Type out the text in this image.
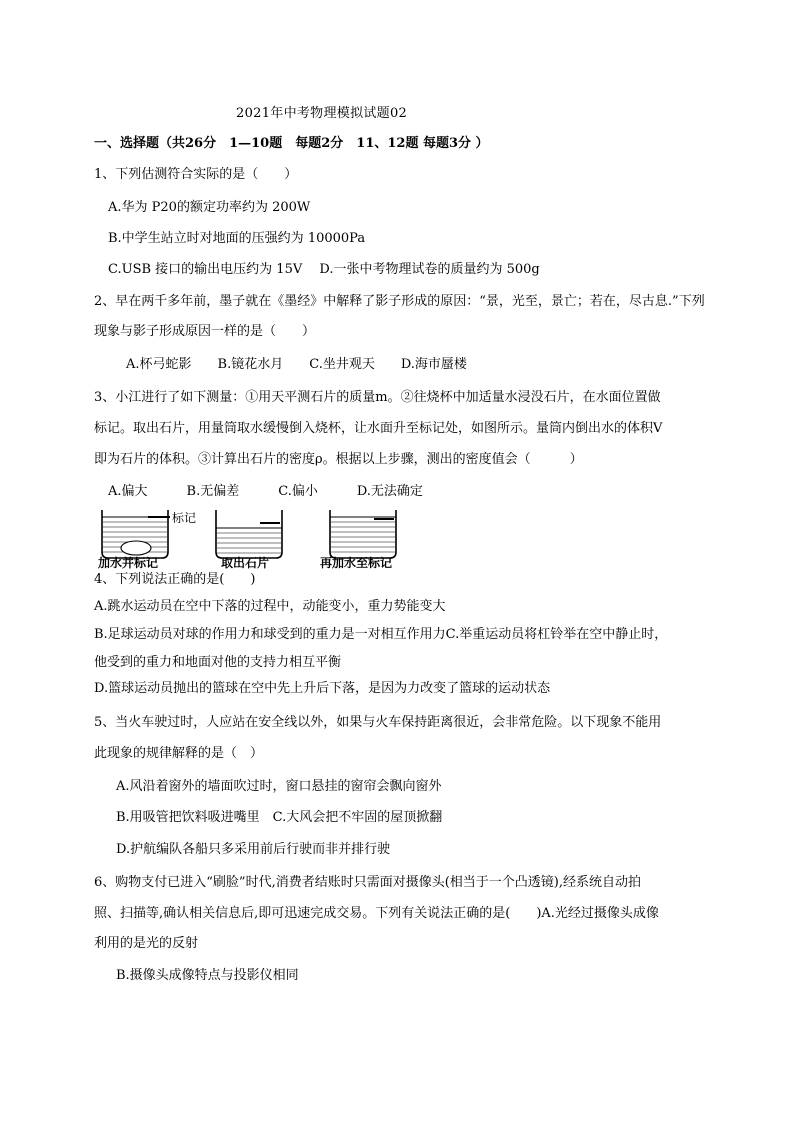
2021年中考物理模拟试题02
一、选择题（共26分　1—10题　每题2分　11、12题 每题3分 ）
1、下列估测符合实际的是（　　）
A.华为 P20的额定功率约为 200W
B.中学生站立时对地面的压强约为 10000Pa
C.USB 接口的输出电压约为 15V　 D.一张中考物理试卷的质量约为 500g
2、早在两千多年前，墨子就在《墨经》中解释了影子形成的原因：“景，光至，景亡；若在，尽古息.”下列
现象与影子形成原因一样的是（　　）
A.杯弓蛇影　　B.镜花水月　　C.坐井观天　　D.海市蜃楼
3、小江进行了如下测量：①用天平测石片的质量m。②往烧杯中加适量水浸没石片，在水面位置做
标记。取出石片，用量筒取水缓慢倒入烧杯，让水面升至标记处，如图所示。量筒内倒出水的体积V
即为石片的体积。③计算出石片的密度ρ。根据以上步骤，测出的密度值会（　　　）
A.偏大　　　B.无偏差　　　C.偏小　　　D.无法确定
标记
加水并标记	取出石片	再加水至标记
4、下列说法正确的是(　　)
A.跳水运动员在空中下落的过程中，动能变小，重力势能变大
B.足球运动员对球的作用力和球受到的重力是一对相互作用力C.举重运动员将杠铃举在空中静止时，
他受到的重力和地面对他的支持力相互平衡
D.篮球运动员抛出的篮球在空中先上升后下落，是因为力改变了篮球的运动状态
5、当火车驶过时，人应站在安全线以外，如果与火车保持距离很近，会非常危险。以下现象不能用
此现象的规律解释的是（　）
A.风沿着窗外的墙面吹过时，窗口悬挂的窗帘会飘向窗外
B.用吸管把饮料吸进嘴里　C.大风会把不牢固的屋顶掀翻
D.护航编队各船只多采用前后行驶而非并排行驶
6、购物支付已进入“刷脸”时代,消费者结账时只需面对摄像头(相当于一个凸透镜),经系统自动拍
照、扫描等,确认相关信息后,即可迅速完成交易。下列有关说法正确的是(　　)A.光经过摄像头成像
利用的是光的反射
B.摄像头成像特点与投影仪相同
